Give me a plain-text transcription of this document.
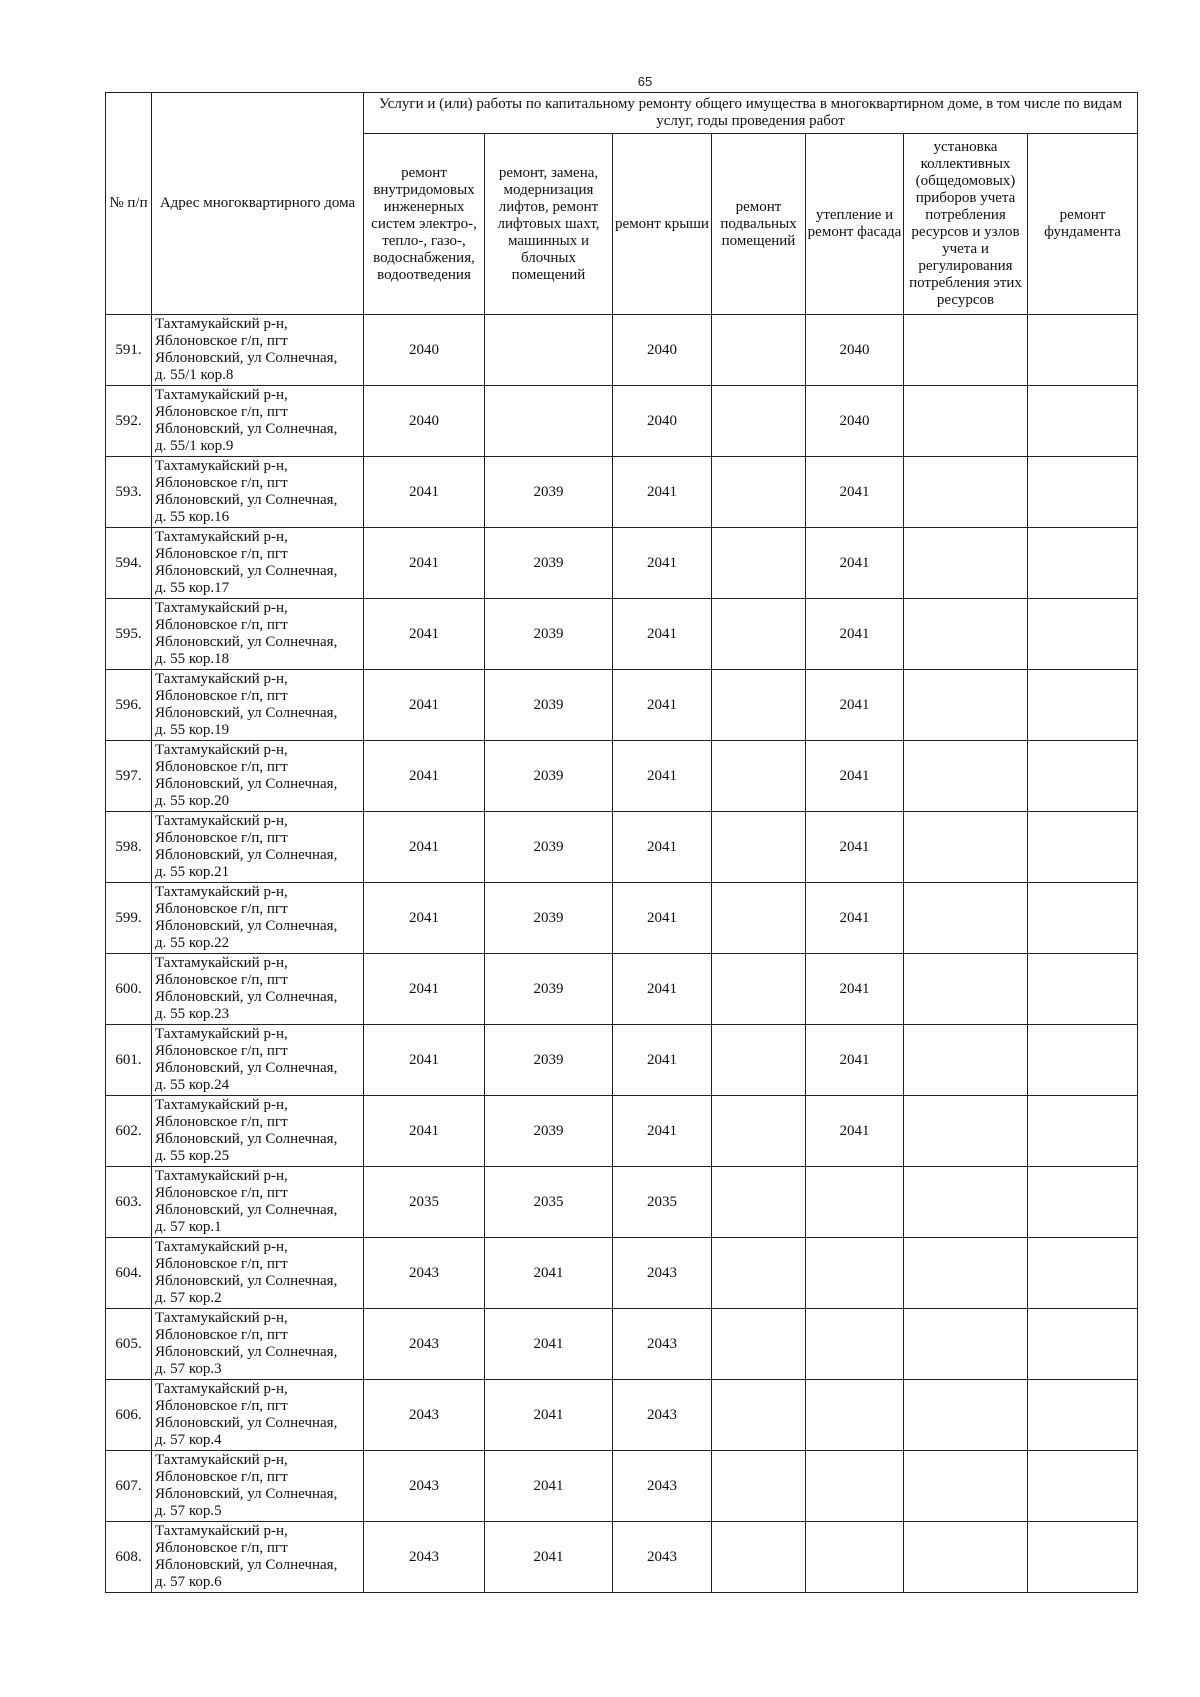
65
№ п/п	Адрес многоквартирного дома	Услуги и (или) работы по капитальному ремонту общего имущества в многоквартирном доме, в том числе по видам услуг, годы проведения работ						
		ремонт внутридомовых инженерных систем электро-, тепло-, газо-, водоснабжения, водоотведения	ремонт, замена, модернизация лифтов, ремонт лифтовых шахт, машинных и блочных помещений	ремонт крыши	ремонт подвальных помещений	утепление и ремонт фасада	установка коллективных (общедомовых) приборов учета потребления ресурсов и узлов учета и регулирования потребления этих ресурсов	ремонт фундамента
591.	Тахтамукайский р-н,
Яблоновское г/п, пгт
Яблоновский, ул Солнечная,
д. 55/1 кор.8	2040		2040		2040		
592.	Тахтамукайский р-н,
Яблоновское г/п, пгт
Яблоновский, ул Солнечная,
д. 55/1 кор.9	2040		2040		2040		
593.	Тахтамукайский р-н,
Яблоновское г/п, пгт
Яблоновский, ул Солнечная,
д. 55 кор.16	2041	2039	2041		2041		
594.	Тахтамукайский р-н,
Яблоновское г/п, пгт
Яблоновский, ул Солнечная,
д. 55 кор.17	2041	2039	2041		2041		
595.	Тахтамукайский р-н,
Яблоновское г/п, пгт
Яблоновский, ул Солнечная,
д. 55 кор.18	2041	2039	2041		2041		
596.	Тахтамукайский р-н,
Яблоновское г/п, пгт
Яблоновский, ул Солнечная,
д. 55 кор.19	2041	2039	2041		2041		
597.	Тахтамукайский р-н,
Яблоновское г/п, пгт
Яблоновский, ул Солнечная,
д. 55 кор.20	2041	2039	2041		2041		
598.	Тахтамукайский р-н,
Яблоновское г/п, пгт
Яблоновский, ул Солнечная,
д. 55 кор.21	2041	2039	2041		2041		
599.	Тахтамукайский р-н,
Яблоновское г/п, пгт
Яблоновский, ул Солнечная,
д. 55 кор.22	2041	2039	2041		2041		
600.	Тахтамукайский р-н,
Яблоновское г/п, пгт
Яблоновский, ул Солнечная,
д. 55 кор.23	2041	2039	2041		2041		
601.	Тахтамукайский р-н,
Яблоновское г/п, пгт
Яблоновский, ул Солнечная,
д. 55 кор.24	2041	2039	2041		2041		
602.	Тахтамукайский р-н,
Яблоновское г/п, пгт
Яблоновский, ул Солнечная,
д. 55 кор.25	2041	2039	2041		2041		
603.	Тахтамукайский р-н,
Яблоновское г/п, пгт
Яблоновский, ул Солнечная,
д. 57 кор.1	2035	2035	2035				
604.	Тахтамукайский р-н,
Яблоновское г/п, пгт
Яблоновский, ул Солнечная,
д. 57 кор.2	2043	2041	2043				
605.	Тахтамукайский р-н,
Яблоновское г/п, пгт
Яблоновский, ул Солнечная,
д. 57 кор.3	2043	2041	2043				
606.	Тахтамукайский р-н,
Яблоновское г/п, пгт
Яблоновский, ул Солнечная,
д. 57 кор.4	2043	2041	2043				
607.	Тахтамукайский р-н,
Яблоновское г/п, пгт
Яблоновский, ул Солнечная,
д. 57 кор.5	2043	2041	2043				
608.	Тахтамукайский р-н,
Яблоновское г/п, пгт
Яблоновский, ул Солнечная,
д. 57 кор.6	2043	2041	2043				
